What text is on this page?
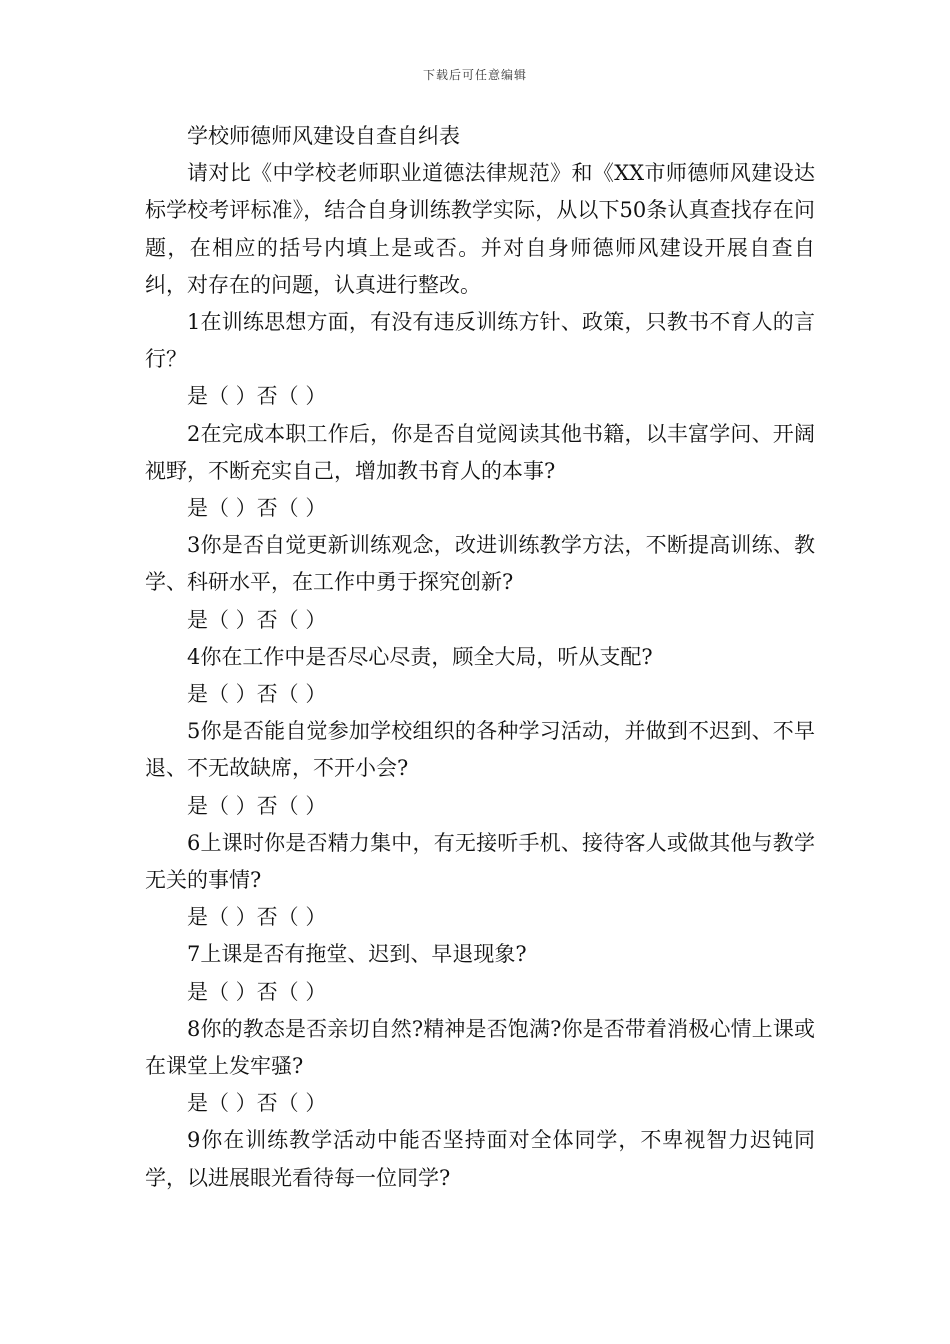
下载后可任意编辑

学校师德师风建设自查自纠表

请对比《中学校老师职业道德法律规范》和《XX市师德师风建设达标学校考评标准》，结合自身训练教学实际，从以下50条认真查找存在问题，在相应的括号内填上是或否。并对自身师德师风建设开展自查自纠，对存在的问题，认真进行整改。

1在训练思想方面，有没有违反训练方针、政策，只教书不育人的言行？

是（ ）否（ ）

2在完成本职工作后，你是否自觉阅读其他书籍，以丰富学问、开阔视野，不断充实自己，增加教书育人的本事?

是（ ）否（ ）

3你是否自觉更新训练观念，改进训练教学方法，不断提高训练、教学、科研水平，在工作中勇于探究创新?

是（ ）否（ ）

4你在工作中是否尽心尽责，顾全大局，听从支配?

是（ ）否（ ）

5你是否能自觉参加学校组织的各种学习活动，并做到不迟到、不早退、不无故缺席，不开小会?

是（ ）否（ ）

6上课时你是否精力集中，有无接听手机、接待客人或做其他与教学无关的事情?

是（ ）否（ ）

7上课是否有拖堂、迟到、早退现象?

是（ ）否（ ）

8你的教态是否亲切自然?精神是否饱满?你是否带着消极心情上课或在课堂上发牢骚?

是（ ）否（ ）

9你在训练教学活动中能否坚持面对全体同学，不卑视智力迟钝同学，以进展眼光看待每一位同学?
